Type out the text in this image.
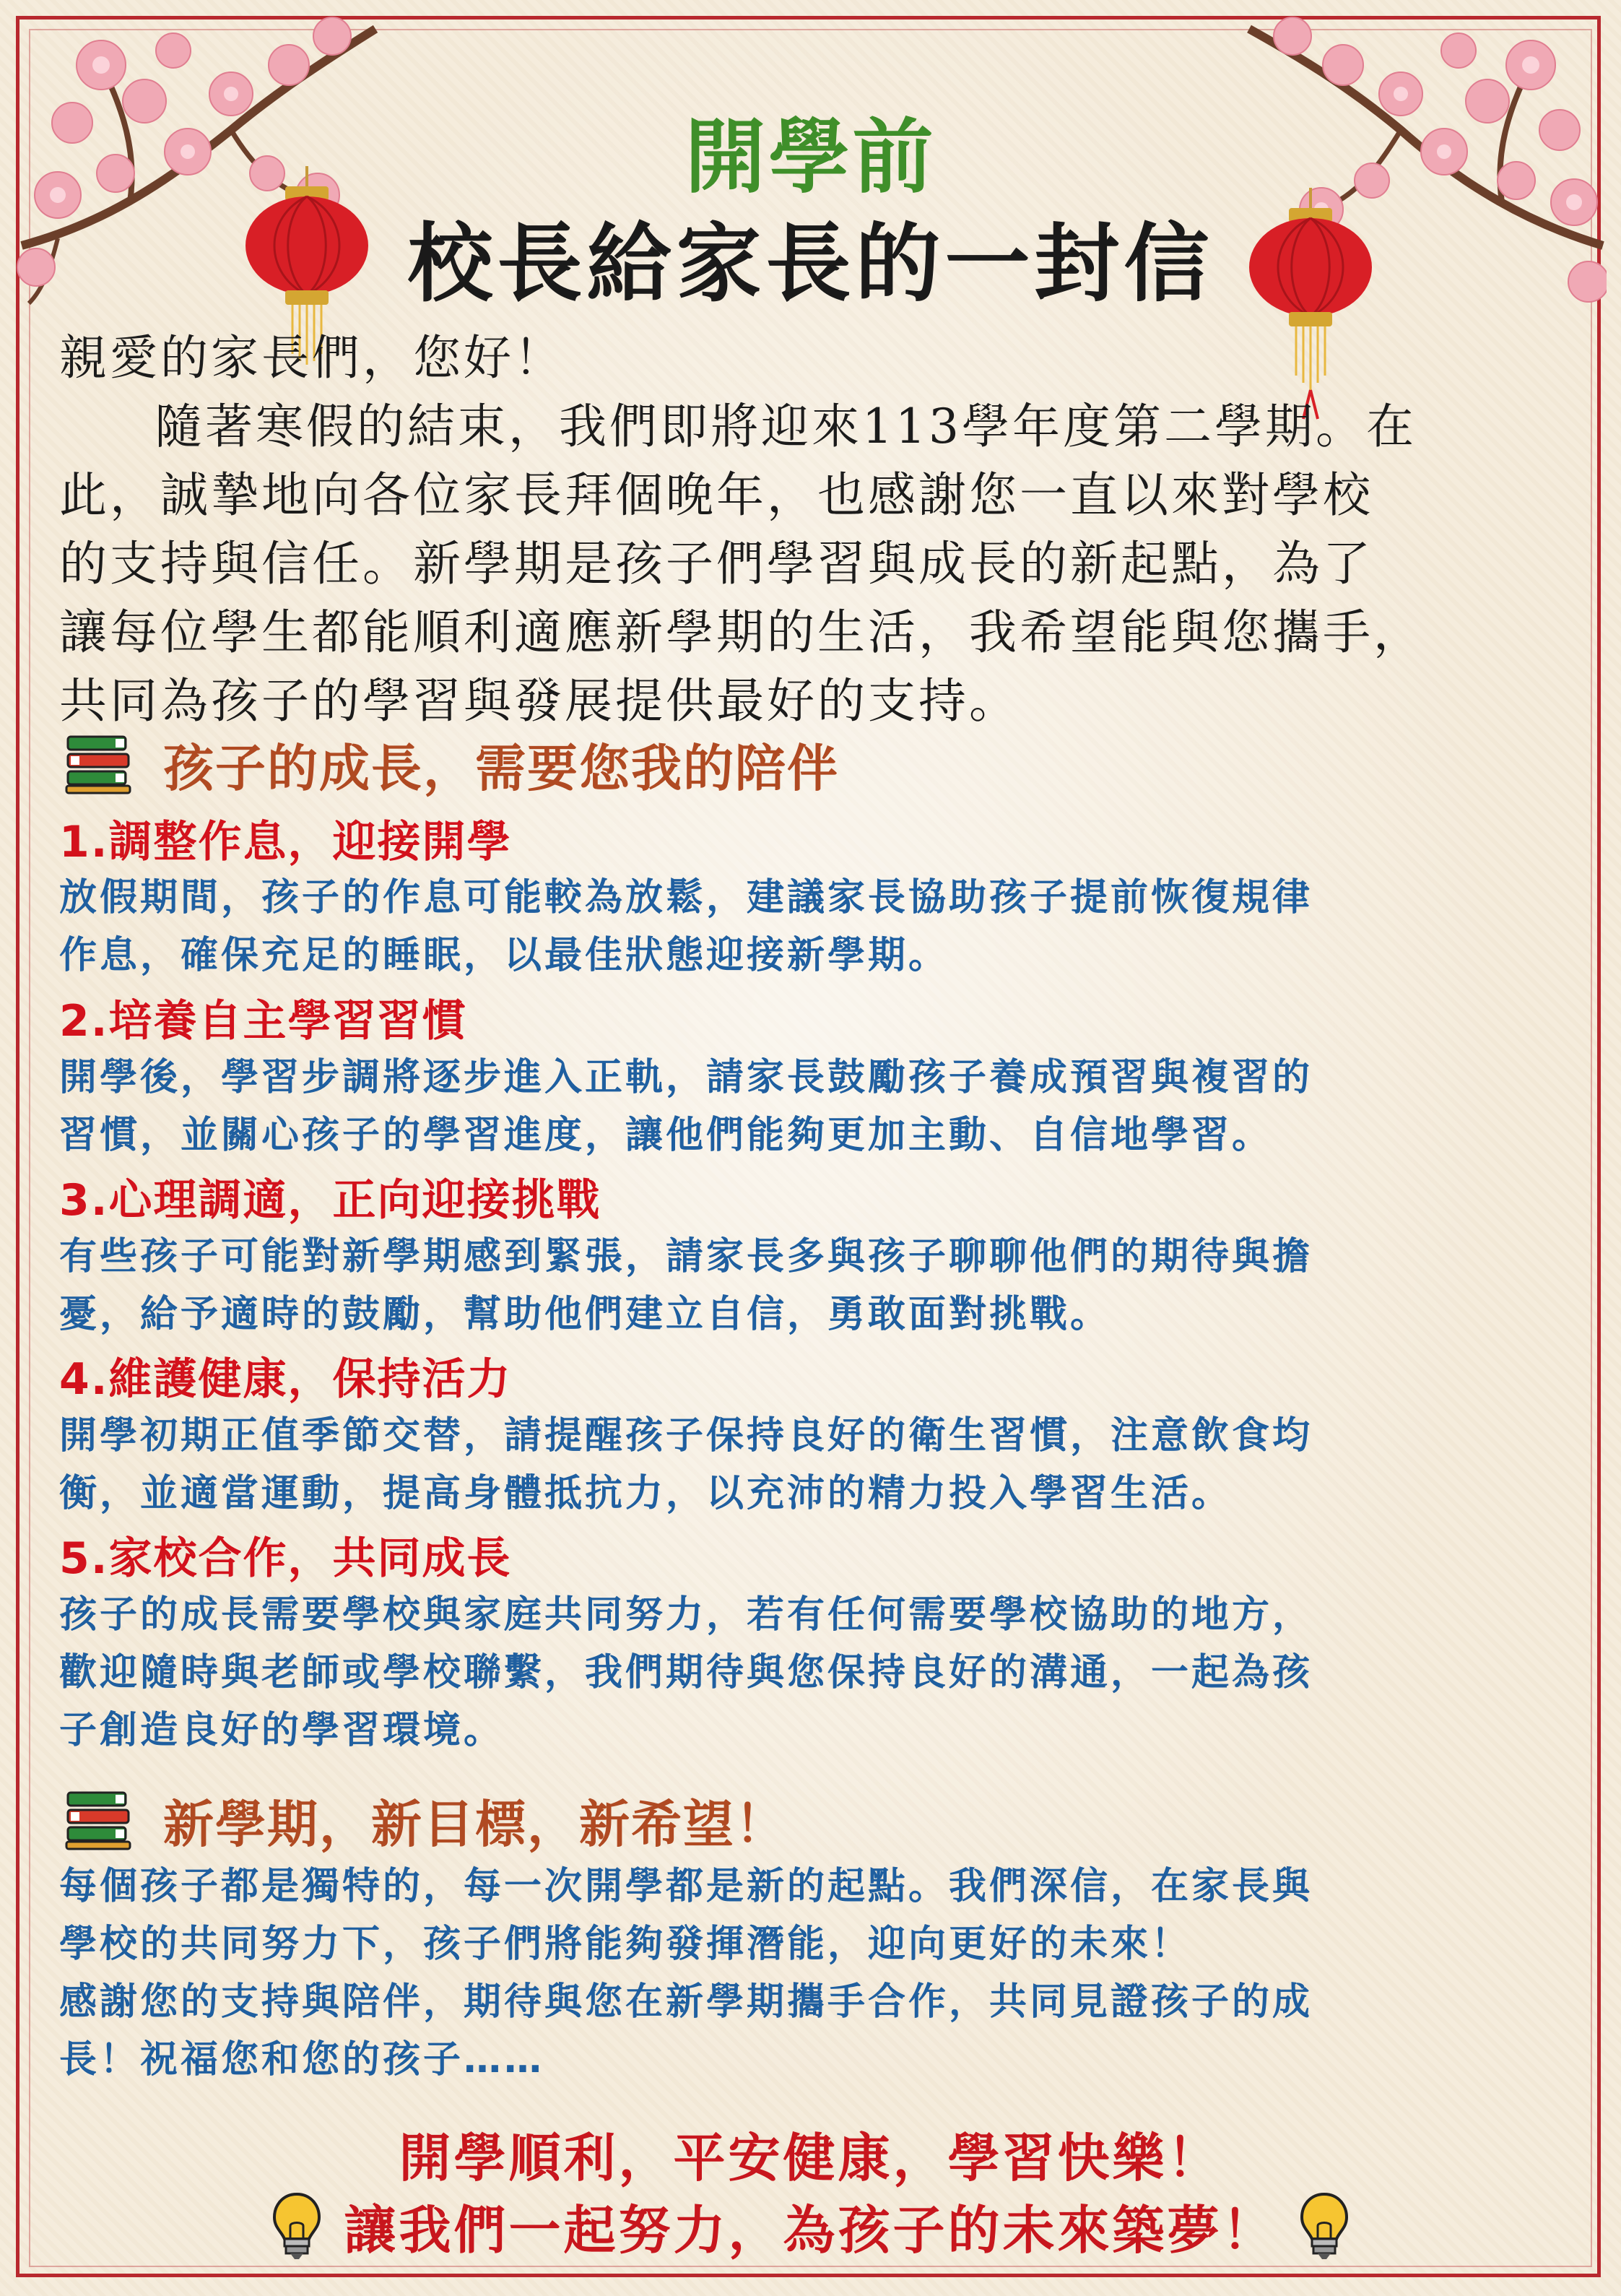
開學前
校長給家長的一封信

親愛的家長們，您好！

隨著寒假的結束，我們即將迎來113學年度第二學期。在

此，誠摯地向各位家長拜個晚年，也感謝您一直以來對學校

的支持與信任。新學期是孩子們學習與成長的新起點，為了

讓每位學生都能順利適應新學期的生活，我希望能與您攜手，

共同為孩子的學習與發展提供最好的支持。

孩子的成長，需要您我的陪伴
1.調整作息，迎接開學

放假期間，孩子的作息可能較為放鬆，建議家長協助孩子提前恢復規律

作息，確保充足的睡眠，以最佳狀態迎接新學期。

2.培養自主學習習慣

開學後，學習步調將逐步進入正軌，請家長鼓勵孩子養成預習與複習的

習慣，並關心孩子的學習進度，讓他們能夠更加主動、自信地學習。

3.心理調適，正向迎接挑戰

有些孩子可能對新學期感到緊張，請家長多與孩子聊聊他們的期待與擔

憂，給予適時的鼓勵，幫助他們建立自信，勇敢面對挑戰。

4.維護健康，保持活力

開學初期正值季節交替，請提醒孩子保持良好的衛生習慣，注意飲食均

衡，並適當運動，提高身體抵抗力，以充沛的精力投入學習生活。

5.家校合作，共同成長

孩子的成長需要學校與家庭共同努力，若有任何需要學校協助的地方，

歡迎隨時與老師或學校聯繫，我們期待與您保持良好的溝通，一起為孩

子創造良好的學習環境。

新學期，新目標，新希望！

每個孩子都是獨特的，每一次開學都是新的起點。我們深信，在家長與

學校的共同努力下，孩子們將能夠發揮潛能，迎向更好的未來！

感謝您的支持與陪伴，期待與您在新學期攜手合作，共同見證孩子的成

長！祝福您和您的孩子……

開學順利，平安健康，學習快樂！
讓我們一起努力，為孩子的未來築夢！
